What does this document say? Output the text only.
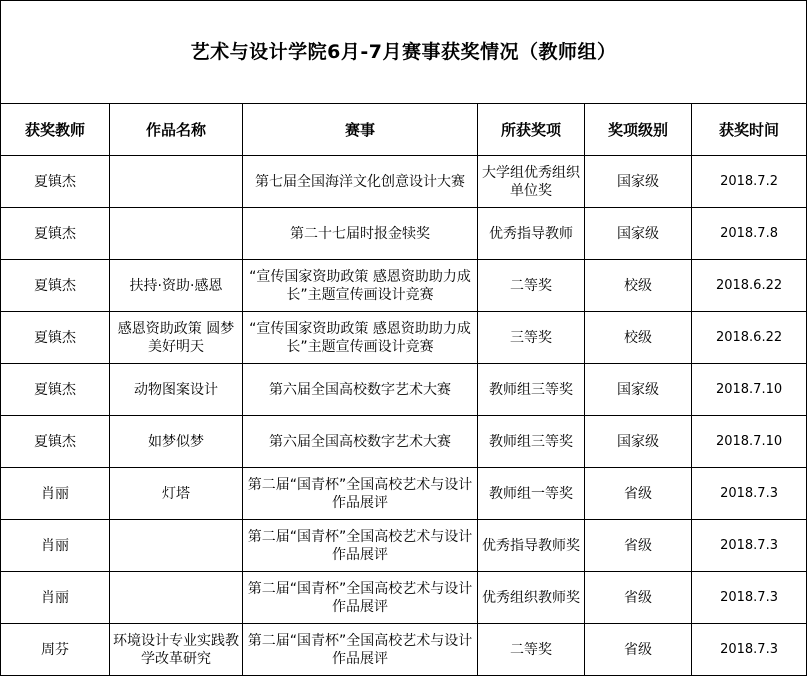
艺术与设计学院6月-7月赛事获奖情况（教师组）					
获奖教师	作品名称	赛事	所获奖项	奖项级别	获奖时间
夏镇杰		第七届全国海洋文化创意设计大赛	大学组优秀组织单位奖	国家级	2018.7.2
夏镇杰		第二十七届时报金犊奖	优秀指导教师	国家级	2018.7.8
夏镇杰	扶持·资助·感恩	“宣传国家资助政策 感恩资助助力成长”主题宣传画设计竞赛	二等奖	校级	2018.6.22
夏镇杰	感恩资助政策 圆梦美好明天	“宣传国家资助政策 感恩资助助力成长”主题宣传画设计竞赛	三等奖	校级	2018.6.22
夏镇杰	动物图案设计	第六届全国高校数字艺术大赛	教师组三等奖	国家级	2018.7.10
夏镇杰	如梦似梦	第六届全国高校数字艺术大赛	教师组三等奖	国家级	2018.7.10
肖丽	灯塔	第二届“国青杯”全国高校艺术与设计作品展评	教师组一等奖	省级	2018.7.3
肖丽		第二届“国青杯”全国高校艺术与设计作品展评	优秀指导教师奖	省级	2018.7.3
肖丽		第二届“国青杯”全国高校艺术与设计作品展评	优秀组织教师奖	省级	2018.7.3
周芬	环境设计专业实践教学改革研究	第二届“国青杯”全国高校艺术与设计作品展评	二等奖	省级	2018.7.3
